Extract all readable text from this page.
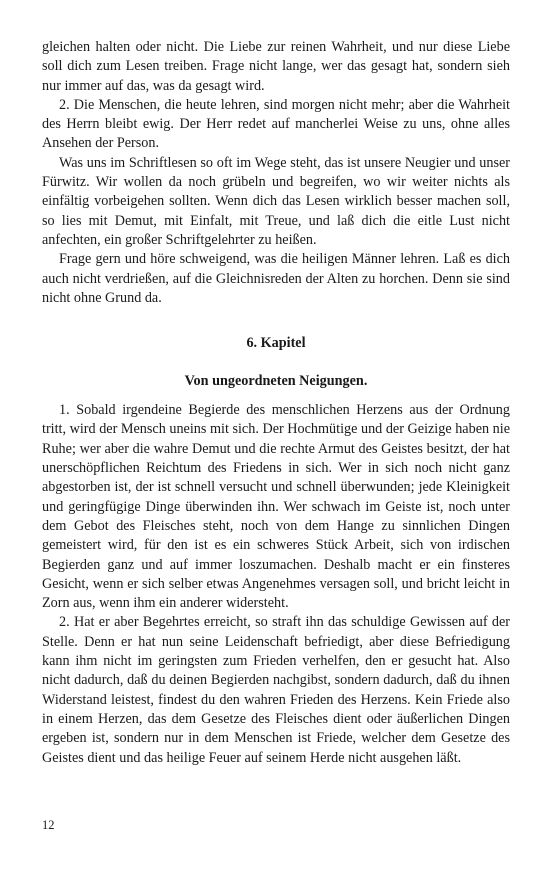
gleichen halten oder nicht. Die Liebe zur reinen Wahrheit, und nur diese Liebe soll dich zum Lesen treiben. Frage nicht lange, wer das gesagt hat, sondern sieh nur immer auf das, was da gesagt wird.

2. Die Menschen, die heute lehren, sind morgen nicht mehr; aber die Wahrheit des Herrn bleibt ewig. Der Herr redet auf mancherlei Weise zu uns, ohne alles Ansehen der Person.

Was uns im Schriftlesen so oft im Wege steht, das ist unsere Neugier und unser Fürwitz. Wir wollen da noch grübeln und begreifen, wo wir weiter nichts als einfältig vorbeigehen sollten. Wenn dich das Lesen wirklich besser machen soll, so lies mit Demut, mit Einfalt, mit Treue, und laß dich die eitle Lust nicht anfechten, ein großer Schriftgelehrter zu heißen.

Frage gern und höre schweigend, was die heiligen Männer lehren. Laß es dich auch nicht verdrießen, auf die Gleichnisreden der Alten zu horchen. Denn sie sind nicht ohne Grund da.

6. Kapitel
Von ungeordneten Neigungen.

1. Sobald irgendeine Begierde des menschlichen Herzens aus der Ordnung tritt, wird der Mensch uneins mit sich. Der Hochmütige und der Geizige haben nie Ruhe; wer aber die wahre Demut und die rechte Armut des Geistes besitzt, der hat unerschöpflichen Reichtum des Friedens in sich. Wer in sich noch nicht ganz abgestorben ist, der ist schnell versucht und schnell überwunden; jede Kleinigkeit und geringfügige Dinge überwinden ihn. Wer schwach im Geiste ist, noch unter dem Gebot des Fleisches steht, noch von dem Hange zu sinnlichen Dingen gemeistert wird, für den ist es ein schweres Stück Arbeit, sich von irdischen Begierden ganz und auf immer loszumachen. Deshalb macht er ein finsteres Gesicht, wenn er sich selber etwas Angenehmes versagen soll, und bricht leicht in Zorn aus, wenn ihm ein anderer widersteht.

2. Hat er aber Begehrtes erreicht, so straft ihn das schuldige Gewissen auf der Stelle. Denn er hat nun seine Leidenschaft befriedigt, aber diese Befriedigung kann ihm nicht im geringsten zum Frieden verhelfen, den er gesucht hat. Also nicht dadurch, daß du deinen Begierden nachgibst, sondern dadurch, daß du ihnen Widerstand leistest, findest du den wahren Frieden des Herzens. Kein Friede also in einem Herzen, das dem Gesetze des Fleisches dient oder äußerlichen Dingen ergeben ist, sondern nur in dem Menschen ist Friede, welcher dem Gesetze des Geistes dient und das heilige Feuer auf seinem Herde nicht ausgehen läßt.

12
